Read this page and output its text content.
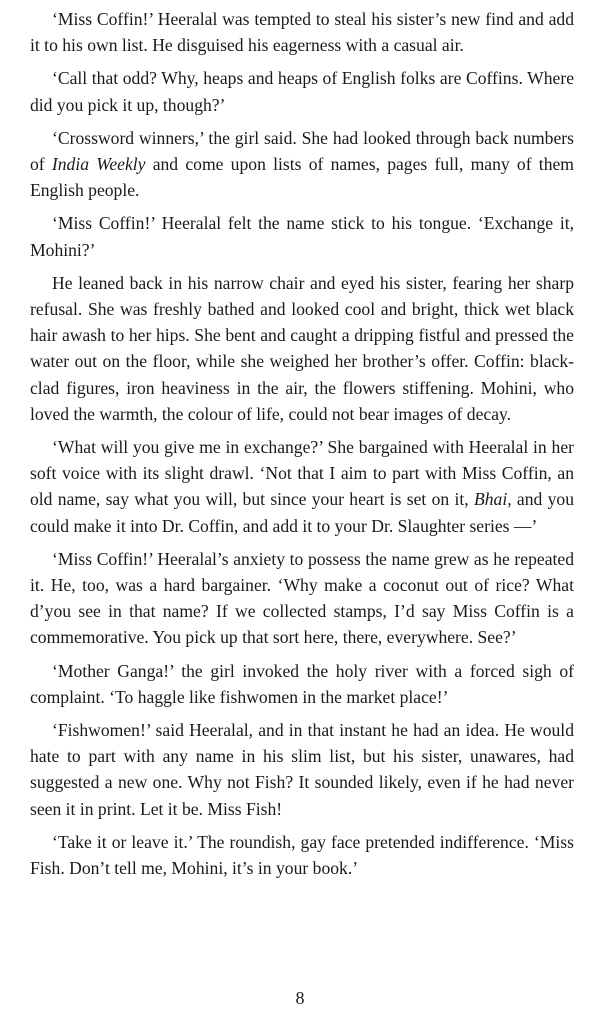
‘Miss Coffin!’ Heeralal was tempted to steal his sister’s new find and add it to his own list. He disguised his eagerness with a casual air.

‘Call that odd? Why, heaps and heaps of English folks are Coffins. Where did you pick it up, though?’

‘Crossword winners,’ the girl said. She had looked through back numbers of India Weekly and come upon lists of names, pages full, many of them English people.

‘Miss Coffin!’ Heeralal felt the name stick to his tongue. ‘Exchange it, Mohini?’

He leaned back in his narrow chair and eyed his sister, fearing her sharp refusal. She was freshly bathed and looked cool and bright, thick wet black hair awash to her hips. She bent and caught a dripping fistful and pressed the water out on the floor, while she weighed her brother’s offer. Coffin: black-clad figures, iron heaviness in the air, the flowers stiffening. Mohini, who loved the warmth, the colour of life, could not bear images of decay.

‘What will you give me in exchange?’ She bargained with Heeralal in her soft voice with its slight drawl. ‘Not that I aim to part with Miss Coffin, an old name, say what you will, but since your heart is set on it, Bhai, and you could make it into Dr. Coffin, and add it to your Dr. Slaughter series —’

‘Miss Coffin!’ Heeralal’s anxiety to possess the name grew as he repeated it. He, too, was a hard bargainer. ‘Why make a coconut out of rice? What d’you see in that name? If we collected stamps, I’d say Miss Coffin is a commemorative. You pick up that sort here, there, everywhere. See?’

‘Mother Ganga!’ the girl invoked the holy river with a forced sigh of complaint. ‘To haggle like fishwomen in the market place!’

‘Fishwomen!’ said Heeralal, and in that instant he had an idea. He would hate to part with any name in his slim list, but his sister, unawares, had suggested a new one. Why not Fish? It sounded likely, even if he had never seen it in print. Let it be. Miss Fish!

‘Take it or leave it.’ The roundish, gay face pretended indifference. ‘Miss Fish. Don’t tell me, Mohini, it’s in your book.’

8
